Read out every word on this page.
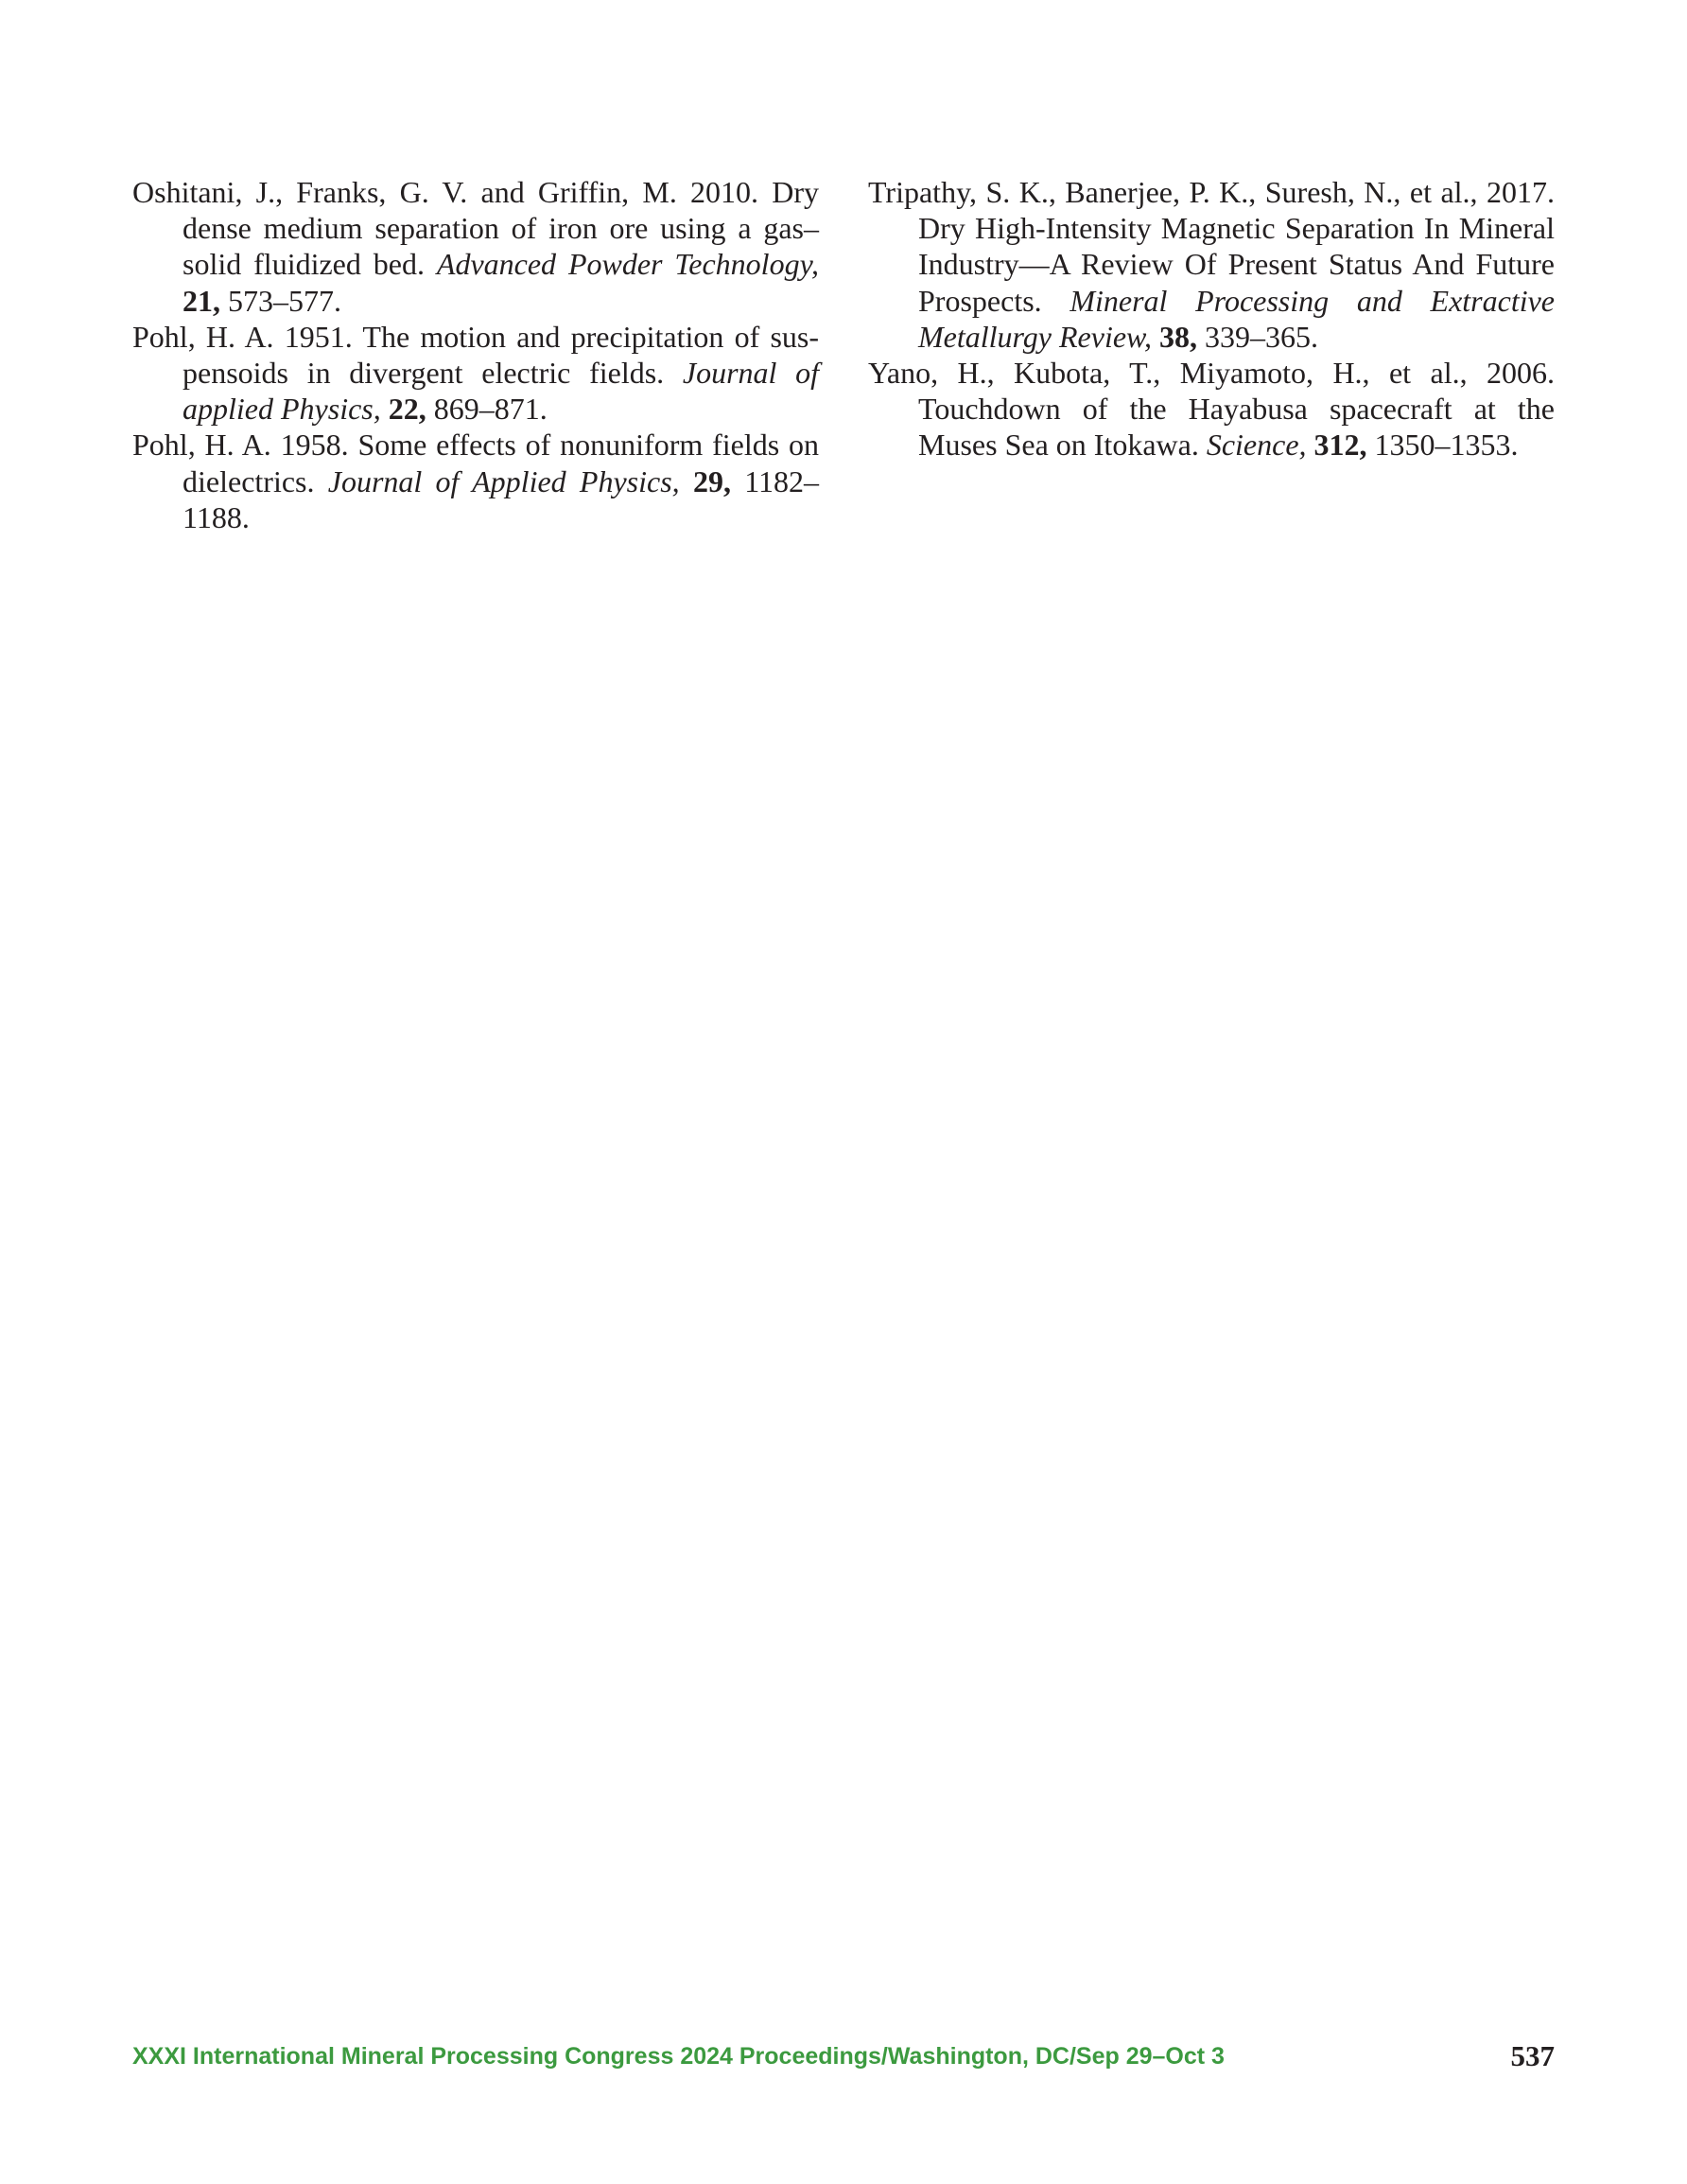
Oshitani, J., Franks, G. V. and Griffin, M. 2010. Dry dense medium separation of iron ore using a gas–solid fluidized bed. Advanced Powder Technology, 21, 573–577.

Pohl, H. A. 1951. The motion and precipitation of suspensoids in divergent electric fields. Journal of applied Physics, 22, 869–871.

Pohl, H. A. 1958. Some effects of nonuniform fields on dielectrics. Journal of Applied Physics, 29, 1182–1188.

Tripathy, S. K., Banerjee, P. K., Suresh, N., et al., 2017. Dry High-Intensity Magnetic Separation In Mineral Industry—A Review Of Present Status And Future Prospects. Mineral Processing and Extractive Metallurgy Review, 38, 339–365.

Yano, H., Kubota, T., Miyamoto, H., et al., 2006. Touchdown of the Hayabusa spacecraft at the Muses Sea on Itokawa. Science, 312, 1350–1353.

XXXI International Mineral Processing Congress 2024 Proceedings/Washington, DC/Sep 29–Oct 3	537
